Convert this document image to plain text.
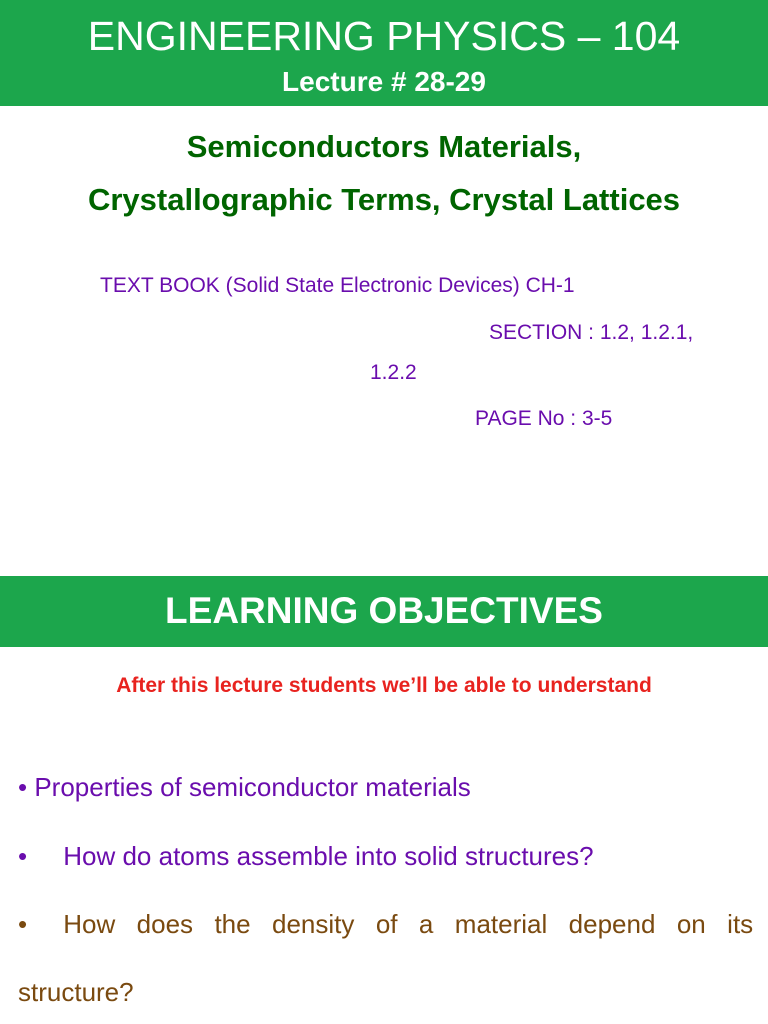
ENGINEERING PHYSICS – 104
Lecture # 28-29
Semiconductors Materials,
Crystallographic Terms, Crystal Lattices
TEXT BOOK (Solid State Electronic Devices) CH-1
SECTION : 1.2, 1.2.1,
1.2.2
PAGE No : 3-5
LEARNING OBJECTIVES
After this lecture students we’ll be able to understand
• Properties of semiconductor materials
• How do atoms assemble into solid structures?
• How does the density of a material depend on its
structure?
